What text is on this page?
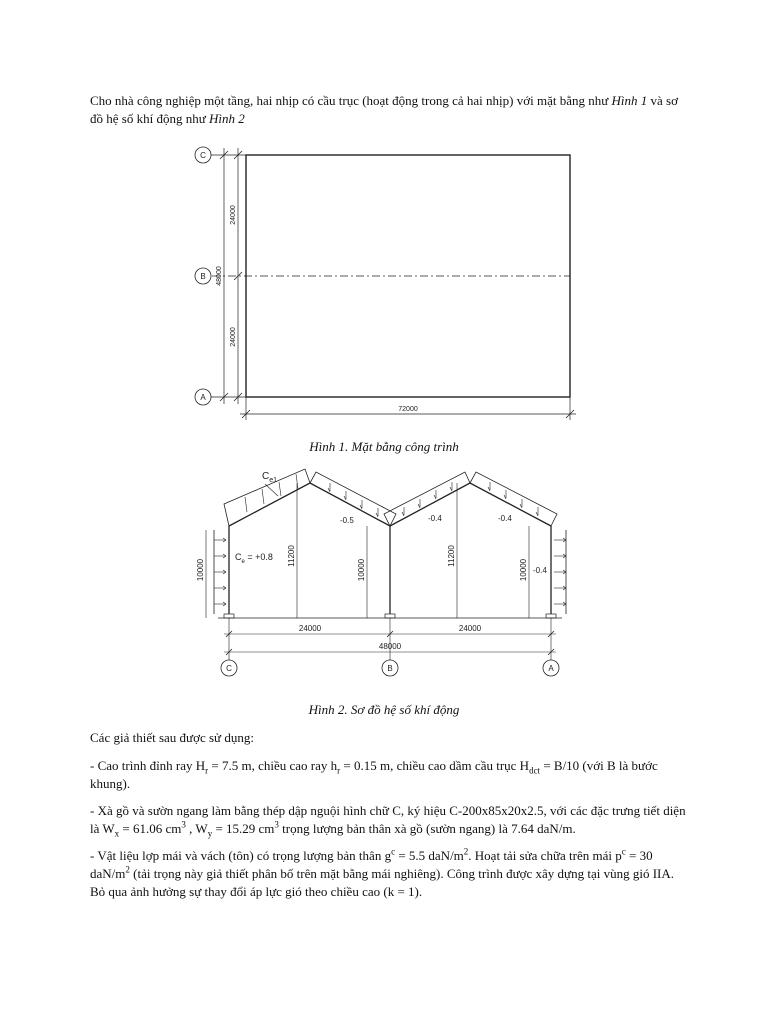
Cho nhà công nghiệp một tầng, hai nhịp có cầu trục (hoạt động trong cả hai nhịp) với mặt bằng như Hình 1 và sơ đồ hệ số khí động như Hình 2
C
B
A
48000
24000
24000
72000
Hình 1. Mặt bằng công trình
$C_{e1}$
$C_e = +0.8$
-0.5	-0.4	-0.4
-0.4
10000
11200
10000
11200
10000
24000	24000
48000
C	B	A
Hình 2. Sơ đồ hệ số khí động
Các giả thiết sau được sử dụng:
- Cao trình đỉnh ray $H_r = 7.5$ m, chiều cao ray $h_r = 0.15$ m, chiều cao dầm cầu trục $H_{dct} = B/10$ (với B là bước khung).
- Xà gồ và sườn ngang làm bằng thép dập nguội hình chữ C, ký hiệu C-200x85x20x2.5, với các đặc trưng tiết diện là $W_x = 61.06$ $cm^3$ , $W_y = 15.29$ $cm^3$ trọng lượng bản thân xà gồ (sườn ngang) là 7.64 daN/m.
- Vật liệu lợp mái và vách (tôn) có trọng lượng bản thân $g^c = 5.5$ daN/$m^2$. Hoạt tải sửa chữa trên mái $p^c = 30$ daN/$m^2$ (tải trọng này giả thiết phân bố trên mặt bằng mái nghiêng). Công trình được xây dựng tại vùng gió IIA. Bỏ qua ảnh hưởng sự thay đổi áp lực gió theo chiều cao (k = 1).
